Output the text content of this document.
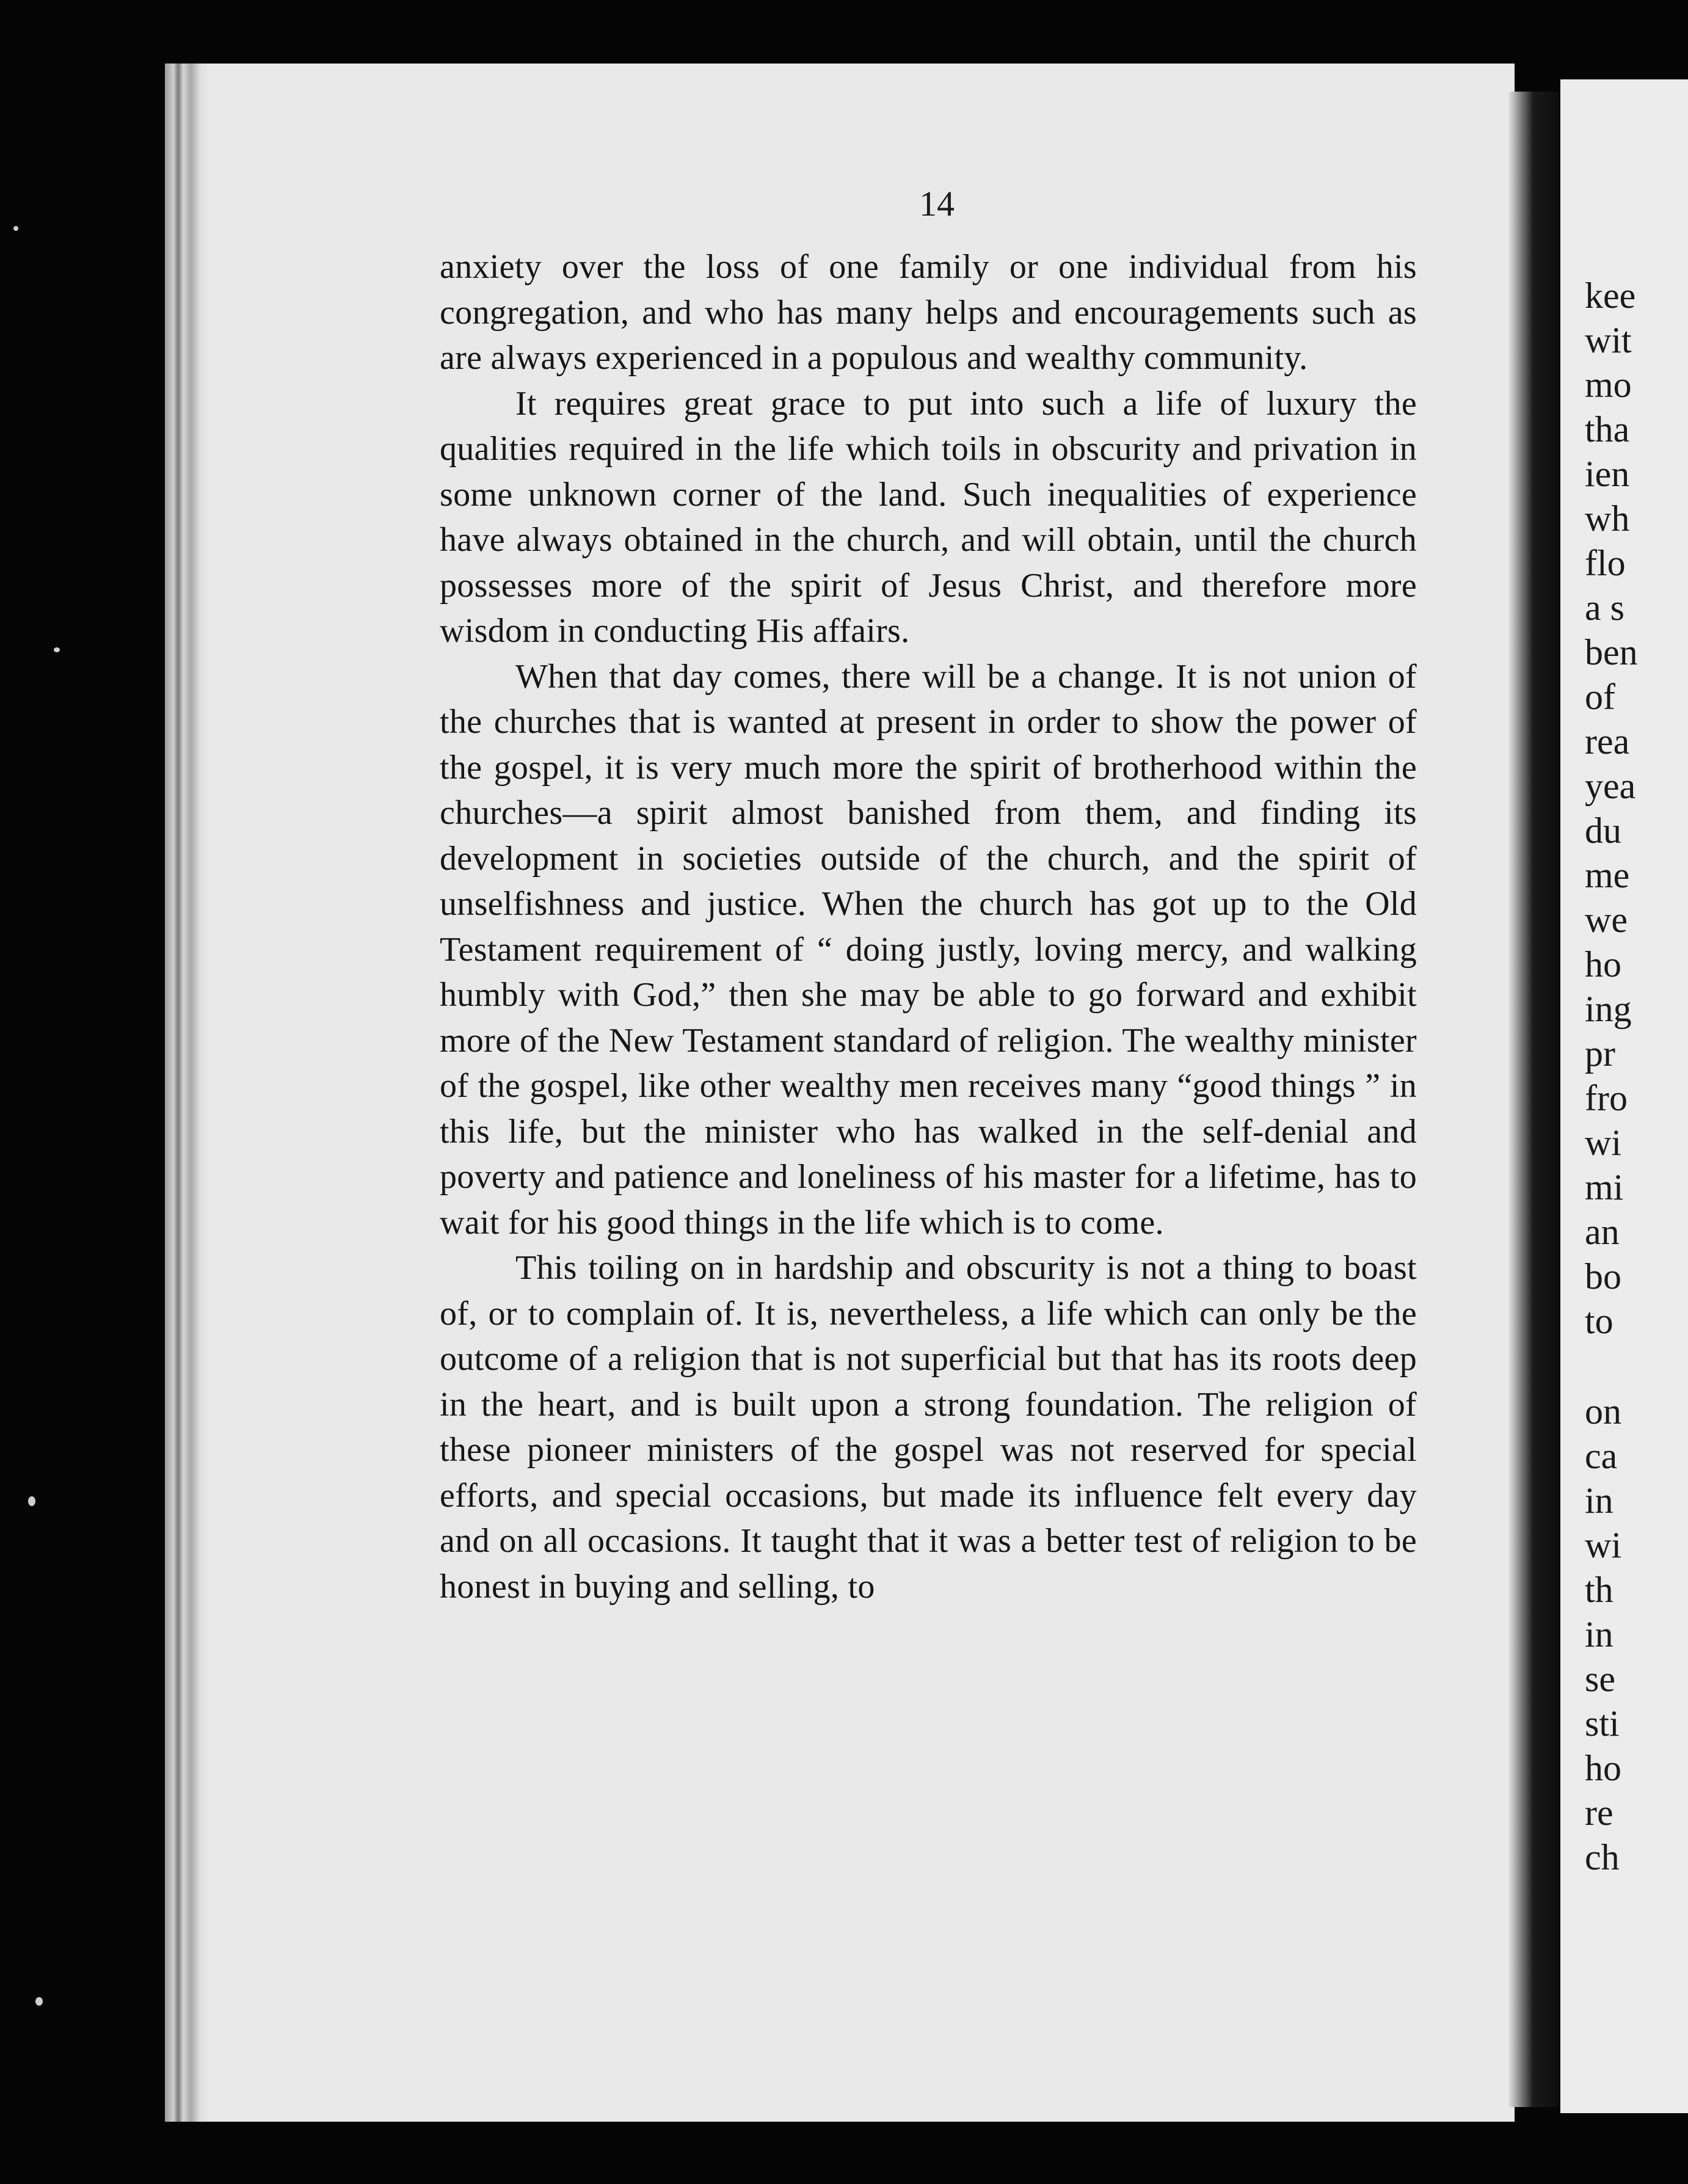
kee
wit
mo
tha
ien
wh
flo
a s
ben
of
rea
yea
du
me
we
ho
ing
pr
fro
wi
mi
an
bo
to
on
ca
in
wi
th
in
se
sti
ho
re
ch
14

anxiety over the loss of one family or one individual from his congregation, and who has many helps and encouragements such as are always experienced in a populous and wealthy community.

It requires great grace to put into such a life of luxury the qualities required in the life which toils in obscurity and privation in some unknown corner of the land. Such inequalities of experience have always obtained in the church, and will obtain, until the church possesses more of the spirit of Jesus Christ, and therefore more wisdom in conducting His affairs.

When that day comes, there will be a change. It is not union of the churches that is wanted at present in order to show the power of the gospel, it is very much more the spirit of brotherhood within the churches—a spirit almost banished from them, and finding its development in societies outside of the church, and the spirit of unselfishness and justice. When the church has got up to the Old Testament requirement of “ doing justly, loving mercy, and walking humbly with God,” then she may be able to go forward and exhibit more of the New Testament standard of religion. The wealthy minister of the gospel, like other wealthy men receives many “good things ” in this life, but the minister who has walked in the self-denial and poverty and patience and loneliness of his master for a lifetime, has to wait for his good things in the life which is to come.

This toiling on in hardship and obscurity is not a thing to boast of, or to complain of. It is, nevertheless, a life which can only be the outcome of a religion that is not superficial but that has its roots deep in the heart, and is built upon a strong foundation. The religion of these pioneer ministers of the gospel was not reserved for special efforts, and special occasions, but made its influence felt every day and on all occasions. It taught that it was a better test of religion to be honest in buying and selling, to
